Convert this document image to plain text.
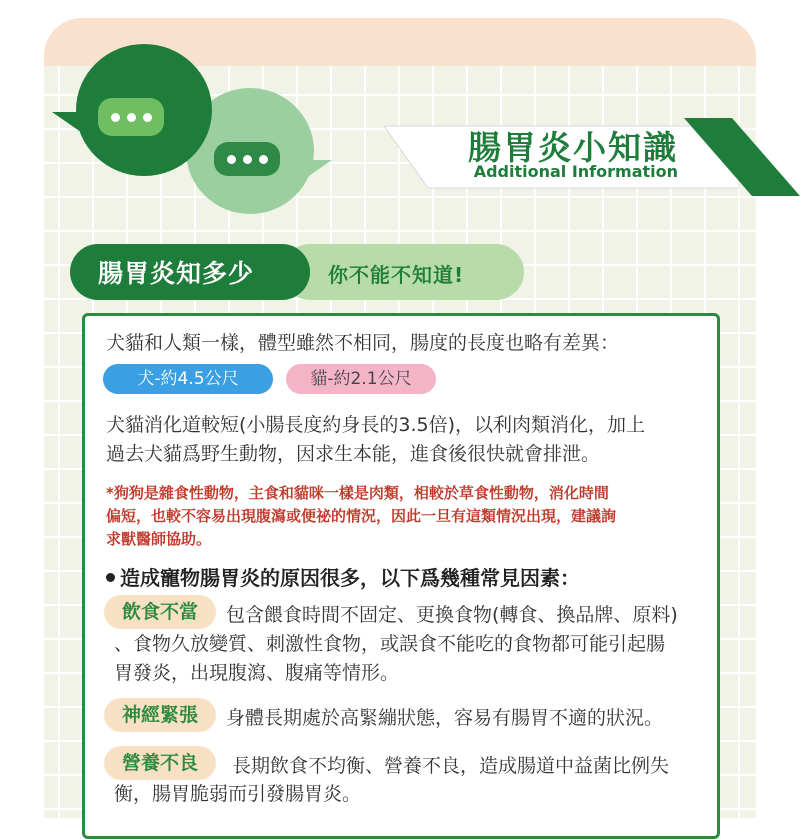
腸胃炎小知識
Additional Information
腸胃炎知多少	你不能不知道!
犬貓和人類一樣，體型雖然不相同，腸度的長度也略有差異：
犬-約4.5公尺	貓-約2.1公尺
犬貓消化道較短(小腸長度約身長的3.5倍)，以利肉類消化，加上
過去犬貓爲野生動物，因求生本能，進食後很快就會排泄。
*狗狗是雜食性動物，主食和貓咪一樣是肉類，相較於草食性動物，消化時間
偏短，也較不容易出現腹瀉或便祕的情況，因此一旦有這類情況出現，建議詢
求獸醫師協助。
造成寵物腸胃炎的原因很多，以下爲幾種常見因素：
飲食不當	包含餵食時間不固定、更換食物(轉食、換品牌、原料)
、食物久放變質、刺激性食物，或誤食不能吃的食物都可能引起腸
胃發炎，出現腹瀉、腹痛等情形。
神經緊張	身體長期處於高緊繃狀態，容易有腸胃不適的狀況。
營養不良	長期飲食不均衡、營養不良，造成腸道中益菌比例失
衡，腸胃脆弱而引發腸胃炎。
